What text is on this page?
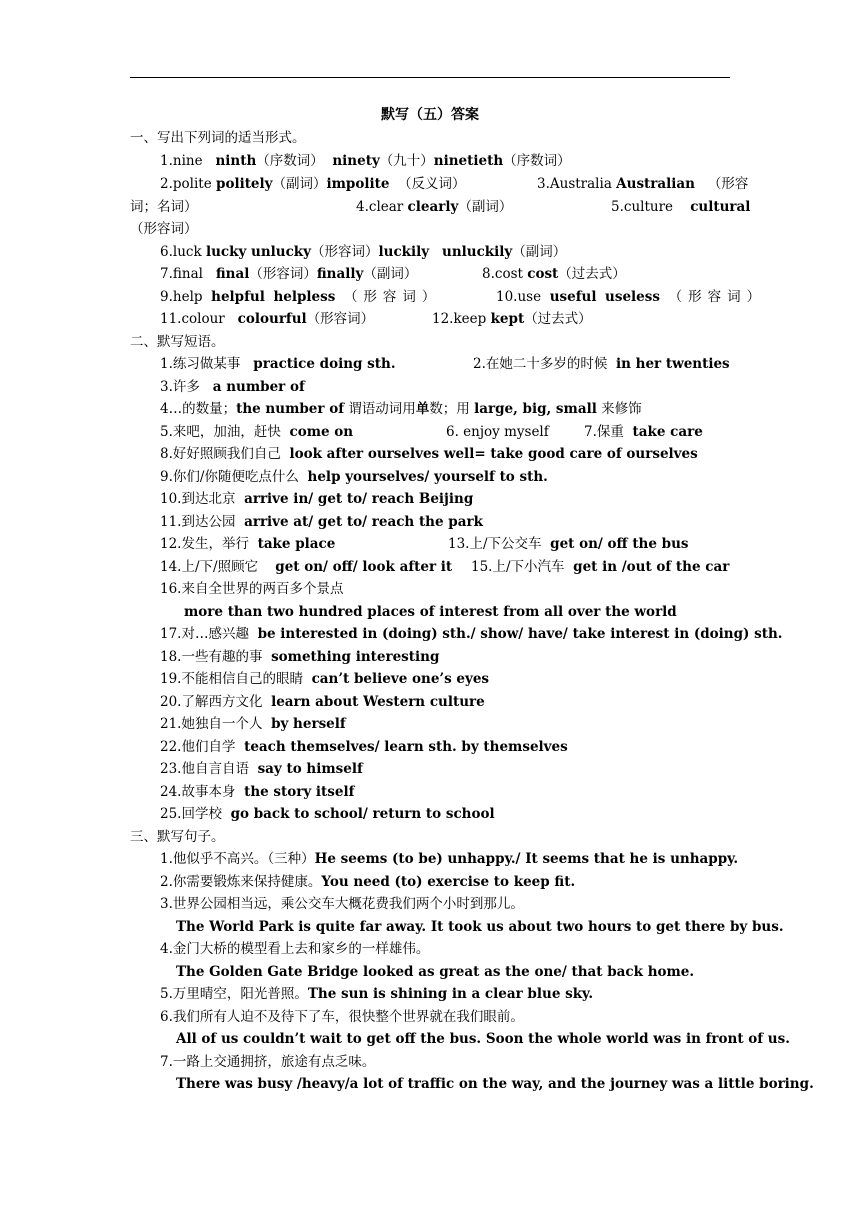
默写（五）答案
一、写出下列词的适当形式。
1.nine ninth（序数词） ninety（九十）ninetieth（序数词）
2.polite politely（副词）impolite （反义词）	3.Australia Australian （形容
词；名词）	4.clear clearly（副词）	5.culture cultural
（形容词）
6.luck lucky unlucky（形容词）luckily unluckily（副词）
7.final final（形容词）finally（副词）	8.cost cost（过去式）
9.help helpful helpless （形容词）	10.use useful useless （形容词）
11.colour colourful（形容词）	12.keep kept（过去式）
二、默写短语。
1.练习做某事 practice doing sth.	2.在她二十多岁的时候 in her twenties
3.许多 a number of
4…的数量；the number of 谓语动词用单数；用 large, big, small 来修饰
5.来吧，加油，赶快 come on	6. enjoy myself	7.保重 take care
8.好好照顾我们自己 look after ourselves well= take good care of ourselves
9.你们/你随便吃点什么 help yourselves/ yourself to sth.
10.到达北京 arrive in/ get to/ reach Beijing
11.到达公园 arrive at/ get to/ reach the park
12.发生，举行 take place	13.上/下公交车 get on/ off the bus
14.上/下/照顾它 get on/ off/ look after it 15.上/下小汽车 get in /out of the car
16.来自全世界的两百多个景点
more than two hundred places of interest from all over the world
17.对…感兴趣 be interested in (doing) sth./ show/ have/ take interest in (doing) sth.
18.一些有趣的事 something interesting
19.不能相信自己的眼睛 can’t believe one’s eyes
20.了解西方文化 learn about Western culture
21.她独自一个人 by herself
22.他们自学 teach themselves/ learn sth. by themselves
23.他自言自语 say to himself
24.故事本身 the story itself
25.回学校 go back to school/ return to school
三、默写句子。
1.他似乎不高兴。（三种）He seems (to be) unhappy./ It seems that he is unhappy.
2.你需要锻炼来保持健康。You need (to) exercise to keep fit.
3.世界公园相当远，乘公交车大概花费我们两个小时到那儿。
The World Park is quite far away. It took us about two hours to get there by bus.
4.金门大桥的模型看上去和家乡的一样雄伟。
The Golden Gate Bridge looked as great as the one/ that back home.
5.万里晴空，阳光普照。The sun is shining in a clear blue sky.
6.我们所有人迫不及待下了车，很快整个世界就在我们眼前。
All of us couldn’t wait to get off the bus. Soon the whole world was in front of us.
7.一路上交通拥挤，旅途有点乏味。
There was busy /heavy/a lot of traffic on the way, and the journey was a little boring.
